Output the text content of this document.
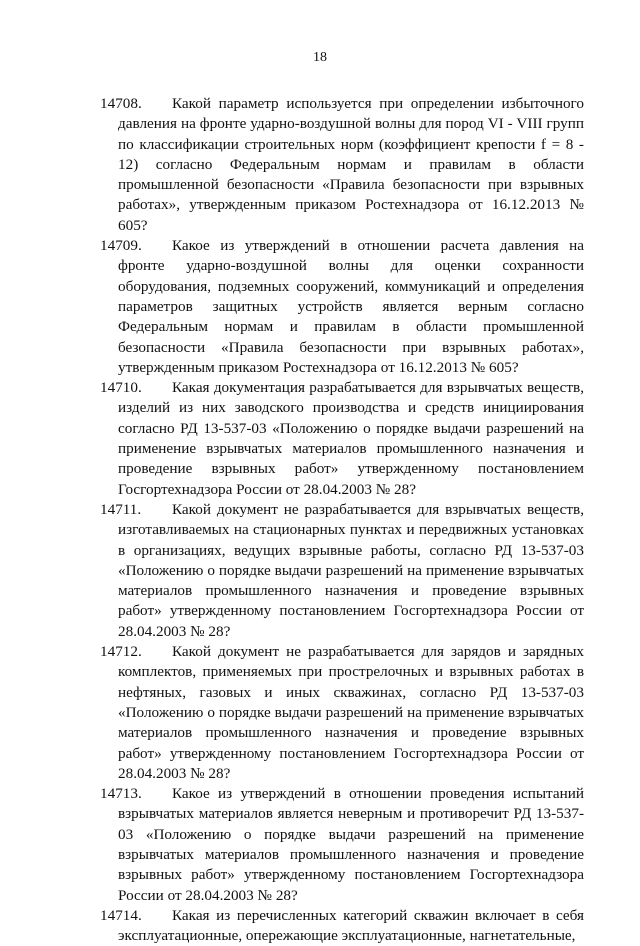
18

14708. Какой параметр используется при определении избыточного давления на фронте ударно-воздушной волны для пород VI - VIII групп по классификации строительных норм (коэффициент крепости f = 8 - 12) согласно Федеральным нормам и правилам в области промышленной безопасности «Правила безопасности при взрывных работах», утвержденным приказом Ростехнадзора от 16.12.2013 № 605?

14709. Какое из утверждений в отношении расчета давления на фронте ударно-воздушной волны для оценки сохранности оборудования, подземных сооружений, коммуникаций и определения параметров защитных устройств является верным согласно Федеральным нормам и правилам в области промышленной безопасности «Правила безопасности при взрывных работах», утвержденным приказом Ростехнадзора от 16.12.2013 № 605?

14710. Какая документация разрабатывается для взрывчатых веществ, изделий из них заводского производства и средств инициирования согласно РД 13-537-03 «Положению о порядке выдачи разрешений на применение взрывчатых материалов промышленного назначения и проведение взрывных работ» утвержденному постановлением Госгортехнадзора России от 28.04.2003 № 28?

14711. Какой документ не разрабатывается для взрывчатых веществ, изготавливаемых на стационарных пунктах и передвижных установках в организациях, ведущих взрывные работы, согласно РД 13-537-03 «Положению о порядке выдачи разрешений на применение взрывчатых материалов промышленного назначения и проведение взрывных работ» утвержденному постановлением Госгортехнадзора России от 28.04.2003 № 28?

14712. Какой документ не разрабатывается для зарядов и зарядных комплектов, применяемых при прострелочных и взрывных работах в нефтяных, газовых и иных скважинах, согласно РД 13-537-03 «Положению о порядке выдачи разрешений на применение взрывчатых материалов промышленного назначения и проведение взрывных работ» утвержденному постановлением Госгортехнадзора России от 28.04.2003 № 28?

14713. Какое из утверждений в отношении проведения испытаний взрывчатых материалов является неверным и противоречит РД 13-537-03 «Положению о порядке выдачи разрешений на применение взрывчатых материалов промышленного назначения и проведение взрывных работ» утвержденному постановлением Госгортехнадзора России от 28.04.2003 № 28?

14714. Какая из перечисленных категорий скважин включает в себя эксплуатационные, опережающие эксплуатационные, нагнетательные,
